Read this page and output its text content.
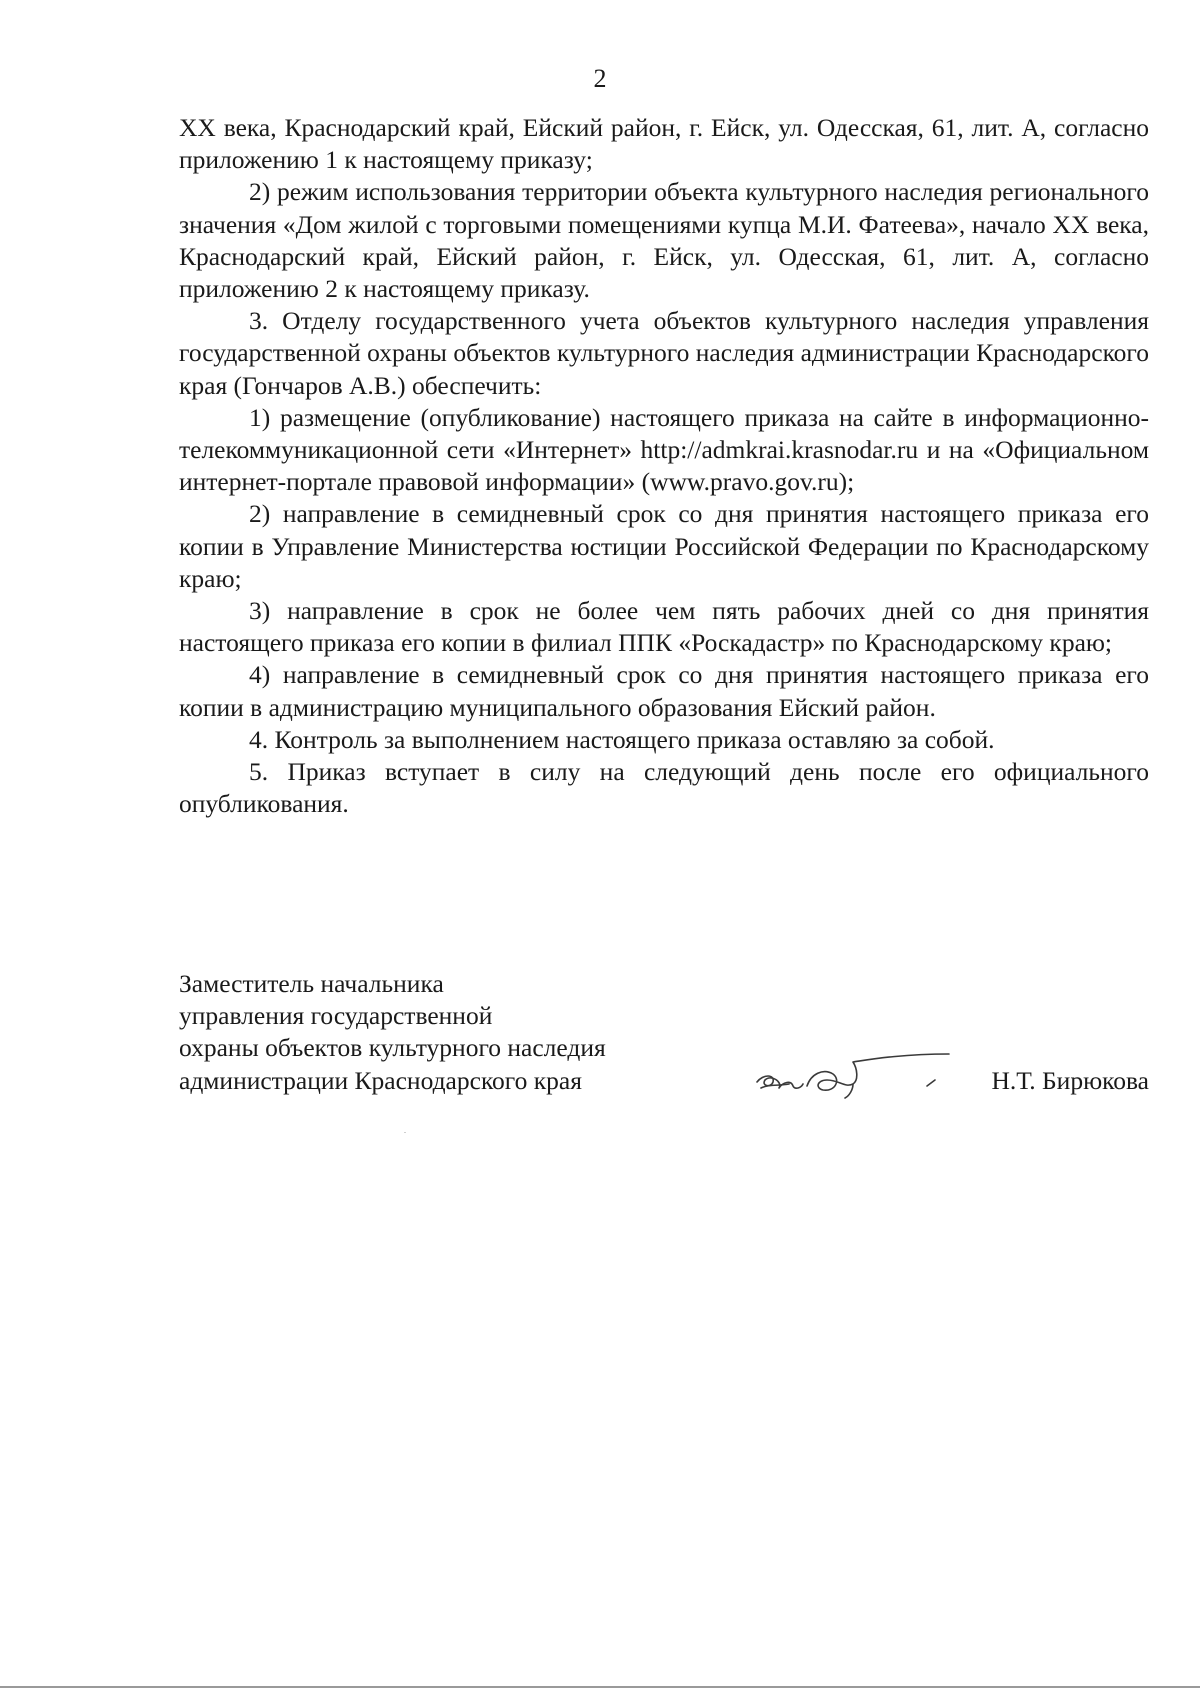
2

XX века, Краснодарский край, Ейский район, г. Ейск, ул. Одесская, 61, лит. А, согласно приложению 1 к настоящему приказу;

2) режим использования территории объекта культурного наследия регионального значения «Дом жилой с торговыми помещениями купца М.И. Фатеева», начало XX века, Краснодарский край, Ейский район, г. Ейск, ул. Одесская, 61, лит. А, согласно приложению 2 к настоящему приказу.

3. Отделу государственного учета объектов культурного наследия управления государственной охраны объектов культурного наследия администрации Краснодарского края (Гончаров А.В.) обеспечить:

1) размещение (опубликование) настоящего приказа на сайте в информационно-телекоммуникационной сети «Интернет» http://admkrai.krasnodar.ru и на «Официальном интернет-портале правовой информации» (www.pravo.gov.ru);

2) направление в семидневный срок со дня принятия настоящего приказа его копии в Управление Министерства юстиции Российской Федерации по Краснодарскому краю;

3) направление в срок не более чем пять рабочих дней со дня принятия настоящего приказа его копии в филиал ППК «Роскадастр» по Краснодарскому краю;

4) направление в семидневный срок со дня принятия настоящего приказа его копии в администрацию муниципального образования Ейский район.

4. Контроль за выполнением настоящего приказа оставляю за собой.

5. Приказ вступает в силу на следующий день после его официального опубликования.

Заместитель начальника
управления государственной
охраны объектов культурного наследия
администрации Краснодарского края	Н.Т. Бирюкова
